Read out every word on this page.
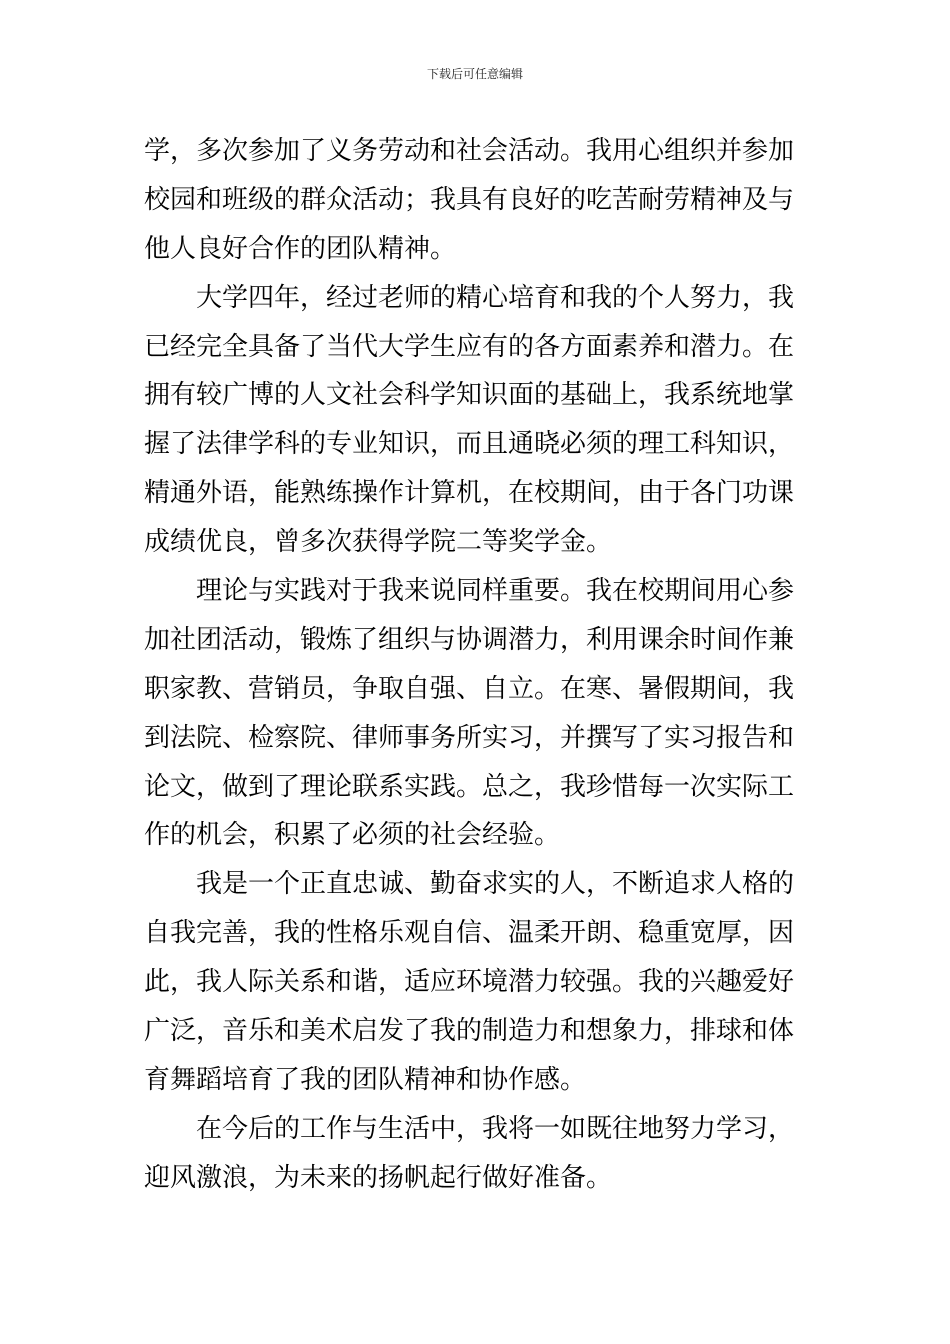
下载后可任意编辑
学，多次参加了义务劳动和社会活动。我用心组织并参加
校园和班级的群众活动；我具有良好的吃苦耐劳精神及与
他人良好合作的团队精神。
大学四年，经过老师的精心培育和我的个人努力，我
已经完全具备了当代大学生应有的各方面素养和潜力。在
拥有较广博的人文社会科学知识面的基础上，我系统地掌
握了法律学科的专业知识，而且通晓必须的理工科知识，
精通外语，能熟练操作计算机，在校期间，由于各门功课
成绩优良，曾多次获得学院二等奖学金。
理论与实践对于我来说同样重要。我在校期间用心参
加社团活动，锻炼了组织与协调潜力，利用课余时间作兼
职家教、营销员，争取自强、自立。在寒、暑假期间，我
到法院、检察院、律师事务所实习，并撰写了实习报告和
论文，做到了理论联系实践。总之，我珍惜每一次实际工
作的机会，积累了必须的社会经验。
我是一个正直忠诚、勤奋求实的人，不断追求人格的
自我完善，我的性格乐观自信、温柔开朗、稳重宽厚，因
此，我人际关系和谐，适应环境潜力较强。我的兴趣爱好
广泛，音乐和美术启发了我的制造力和想象力，排球和体
育舞蹈培育了我的团队精神和协作感。
在今后的工作与生活中，我将一如既往地努力学习，
迎风激浪，为未来的扬帆起行做好准备。
